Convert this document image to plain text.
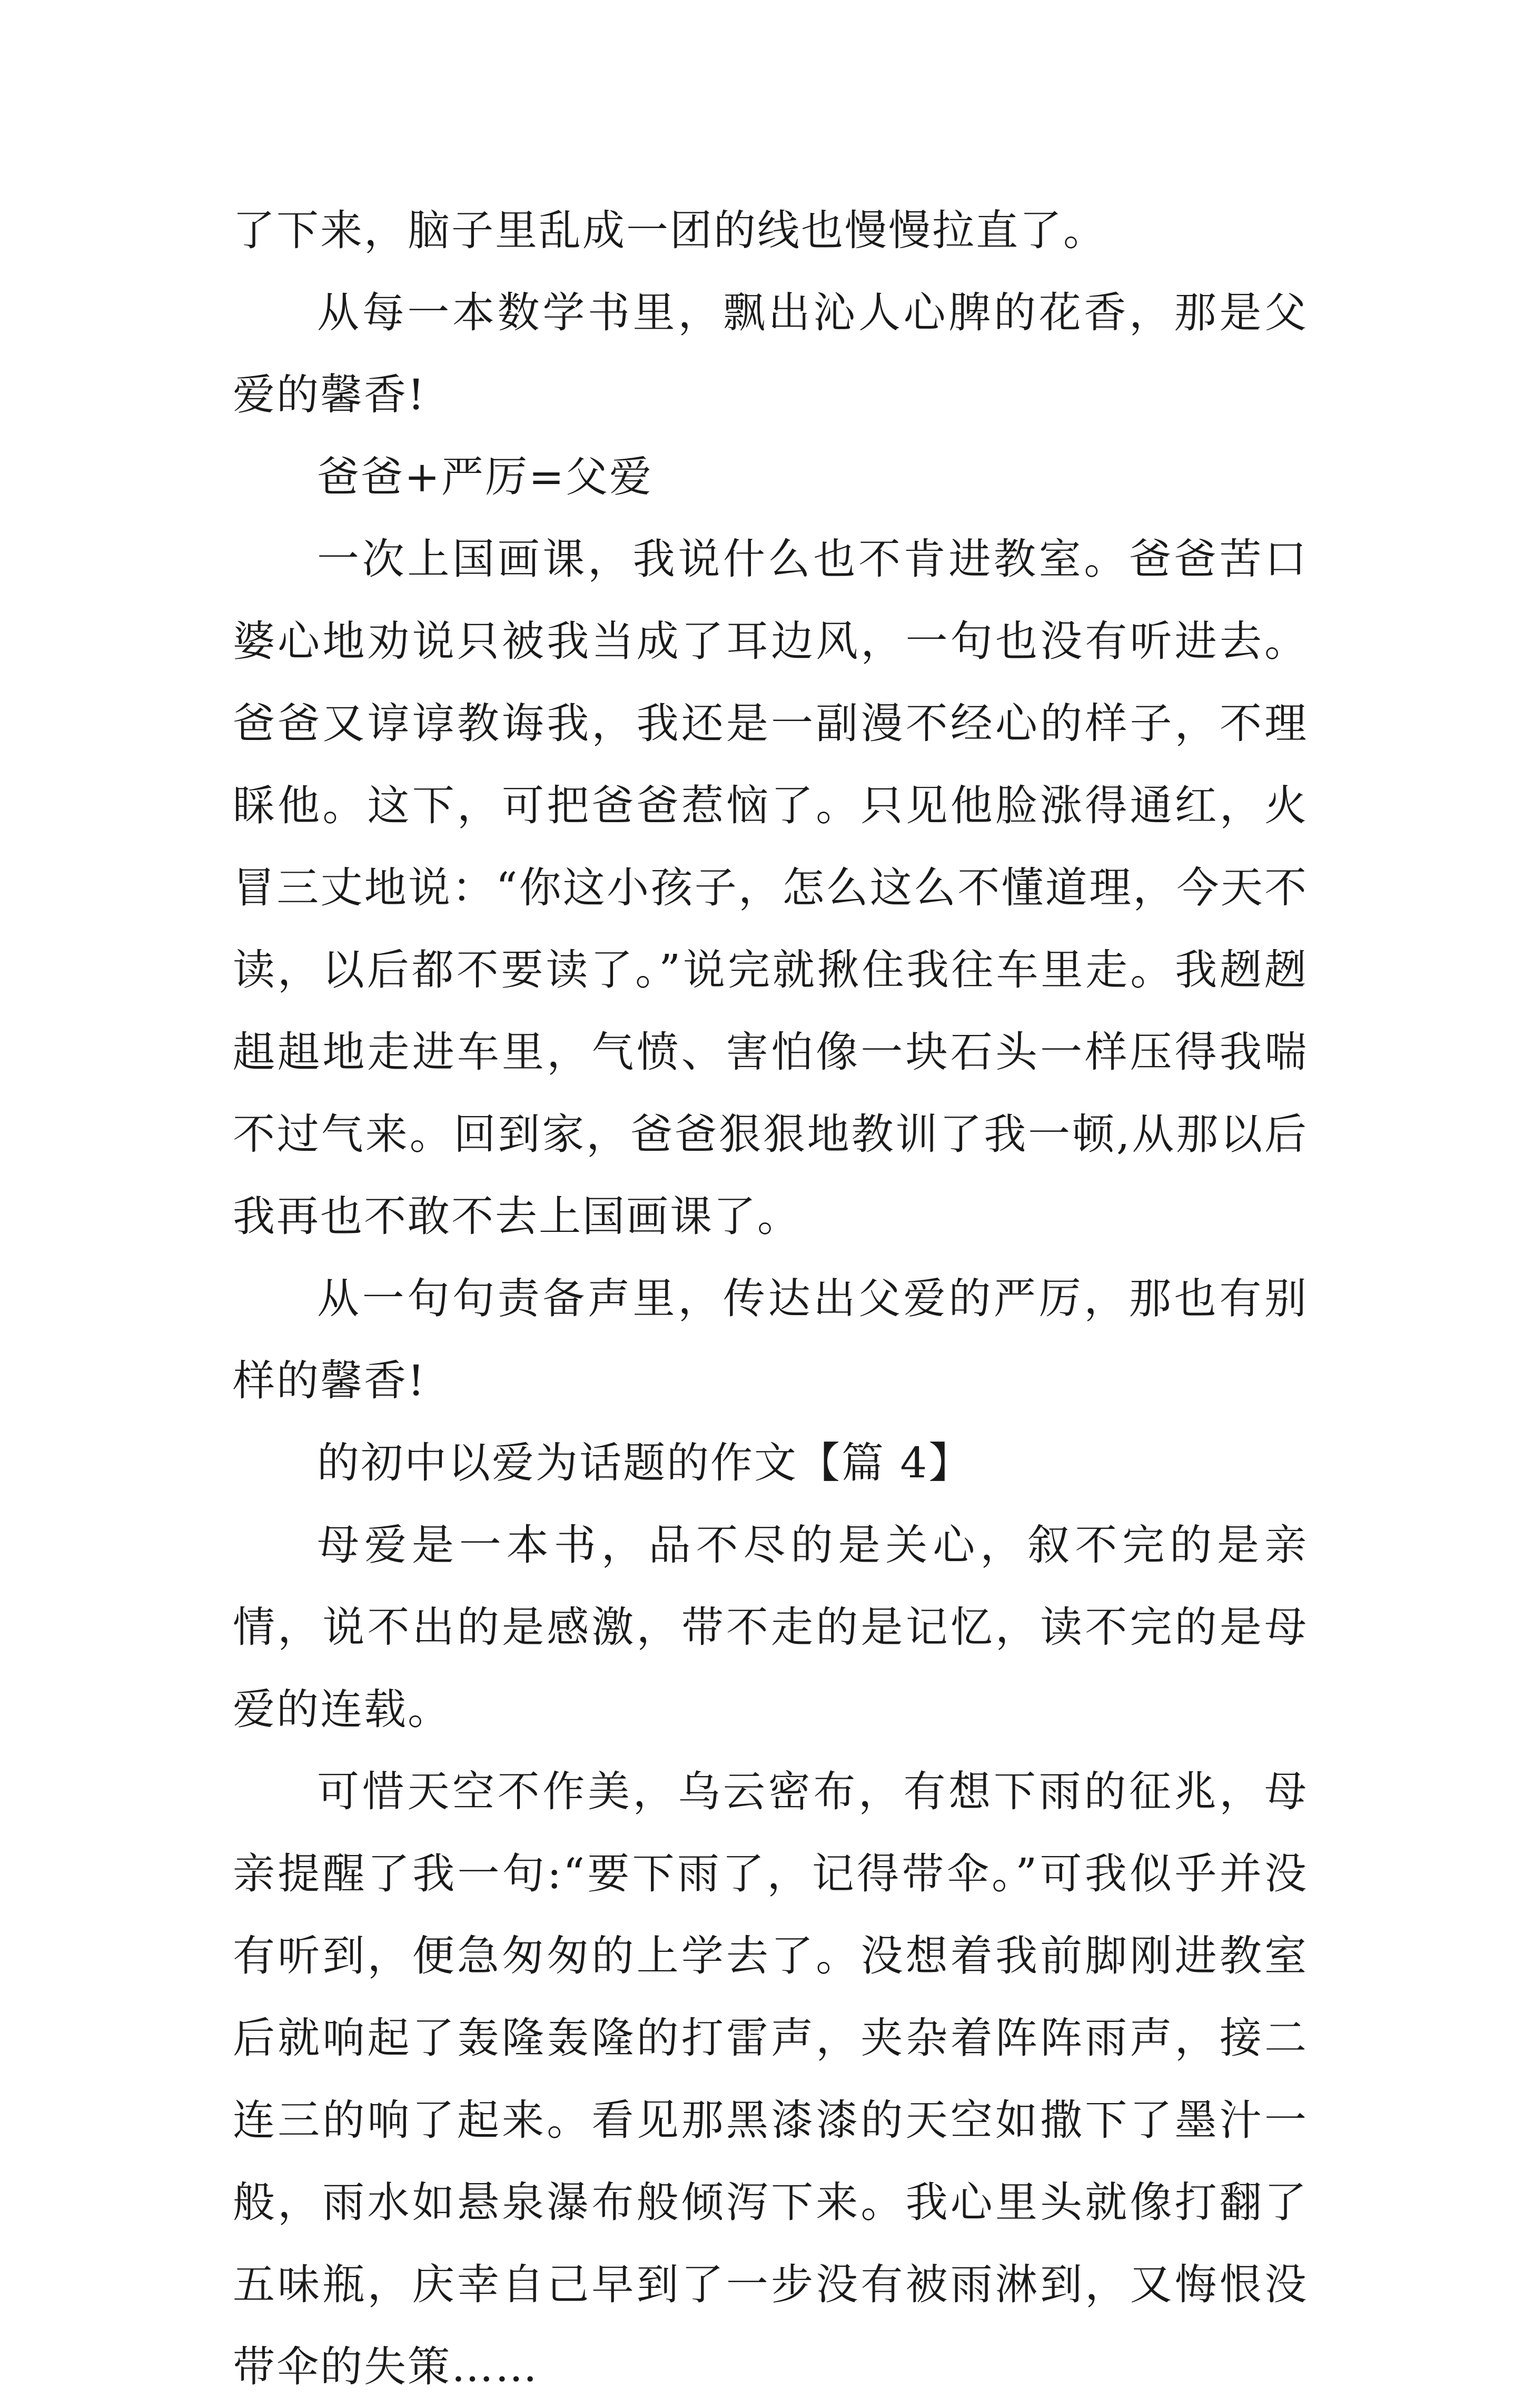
了下来，脑子里乱成一团的线也慢慢拉直了。

从每一本数学书里，飘出沁人心脾的花香，那是父爱的馨香!

爸爸+严厉=父爱

一次上国画课，我说什么也不肯进教室。爸爸苦口婆心地劝说只被我当成了耳边风，一句也没有听进去。爸爸又谆谆教诲我，我还是一副漫不经心的样子，不理睬他。这下，可把爸爸惹恼了。只见他脸涨得通红，火冒三丈地说：“你这小孩子，怎么这么不懂道理，今天不读，以后都不要读了。”说完就揪住我往车里走。我趔趔趄趄地走进车里，气愤、害怕像一块石头一样压得我喘不过气来。回到家，爸爸狠狠地教训了我一顿,从那以后我再也不敢不去上国画课了。

从一句句责备声里，传达出父爱的严厉，那也有别样的馨香!

的初中以爱为话题的作文【篇 4】

母爱是一本书，品不尽的是关心，叙不完的是亲情，说不出的是感激，带不走的是记忆，读不完的是母爱的连载。

可惜天空不作美，乌云密布，有想下雨的征兆，母亲提醒了我一句:“要下雨了，记得带伞。”可我似乎并没有听到，便急匆匆的上学去了。没想着我前脚刚进教室后就响起了轰隆轰隆的打雷声，夹杂着阵阵雨声，接二连三的响了起来。看见那黑漆漆的天空如撒下了墨汁一般，雨水如悬泉瀑布般倾泻下来。我心里头就像打翻了五味瓶，庆幸自己早到了一步没有被雨淋到，又悔恨没带伞的失策……
